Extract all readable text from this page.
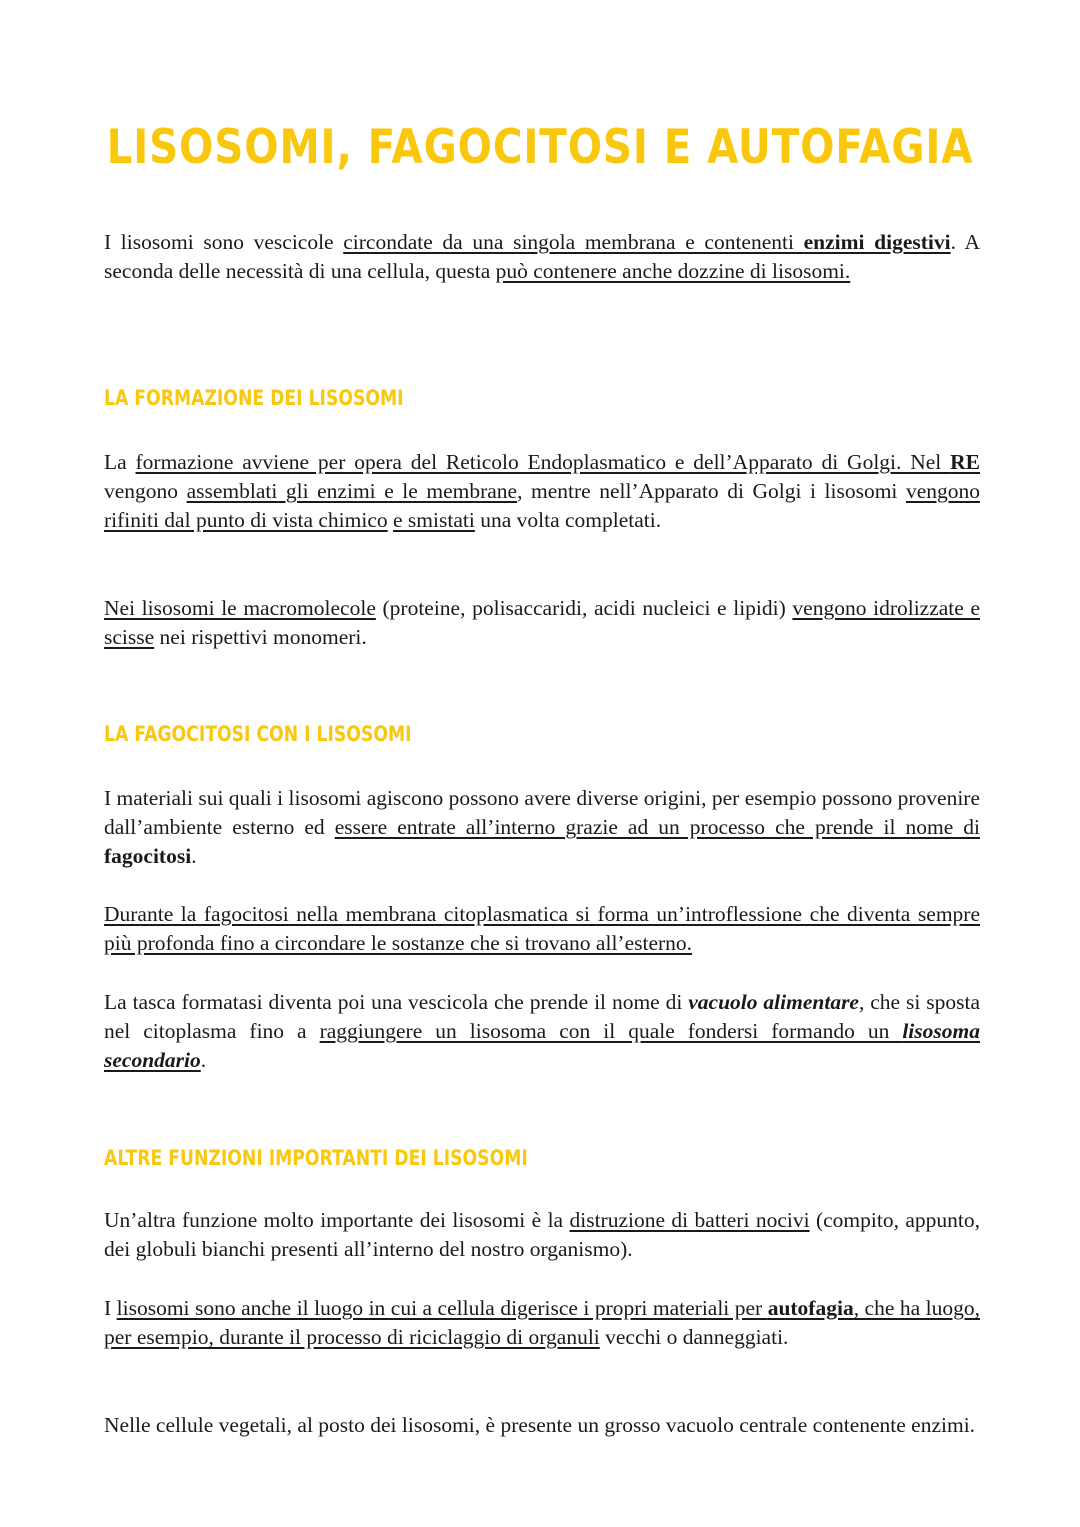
LISOSOMI, FAGOCITOSI E AUTOFAGIA

I lisosomi sono vescicole circondate da una singola membrana e contenenti enzimi digestivi. A seconda delle necessità di una cellula, questa può contenere anche dozzine di lisosomi.

LA FORMAZIONE DEI LISOSOMI

La formazione avviene per opera del Reticolo Endoplasmatico e dell’Apparato di Golgi. Nel RE vengono assemblati gli enzimi e le membrane, mentre nell’Apparato di Golgi i lisosomi vengono rifiniti dal punto di vista chimico e smistati una volta completati.

Nei lisosomi le macromolecole (proteine, polisaccaridi, acidi nucleici e lipidi) vengono idrolizzate e scisse nei rispettivi monomeri.

LA FAGOCITOSI CON I LISOSOMI

I materiali sui quali i lisosomi agiscono possono avere diverse origini, per esempio possono provenire dall’ambiente esterno ed essere entrate all’interno grazie ad un processo che prende il nome di fagocitosi.

Durante la fagocitosi nella membrana citoplasmatica si forma un’introflessione che diventa sempre più profonda fino a circondare le sostanze che si trovano all’esterno.

La tasca formatasi diventa poi una vescicola che prende il nome di vacuolo alimentare, che si sposta nel citoplasma fino a raggiungere un lisosoma con il quale fondersi formando un lisosoma secondario.

ALTRE FUNZIONI IMPORTANTI DEI LISOSOMI

Un’altra funzione molto importante dei lisosomi è la distruzione di batteri nocivi (compito, appunto, dei globuli bianchi presenti all’interno del nostro organismo).

I lisosomi sono anche il luogo in cui a cellula digerisce i propri materiali per autofagia, che ha luogo, per esempio, durante il processo di riciclaggio di organuli vecchi o danneggiati.

Nelle cellule vegetali, al posto dei lisosomi, è presente un grosso vacuolo centrale contenente enzimi.
